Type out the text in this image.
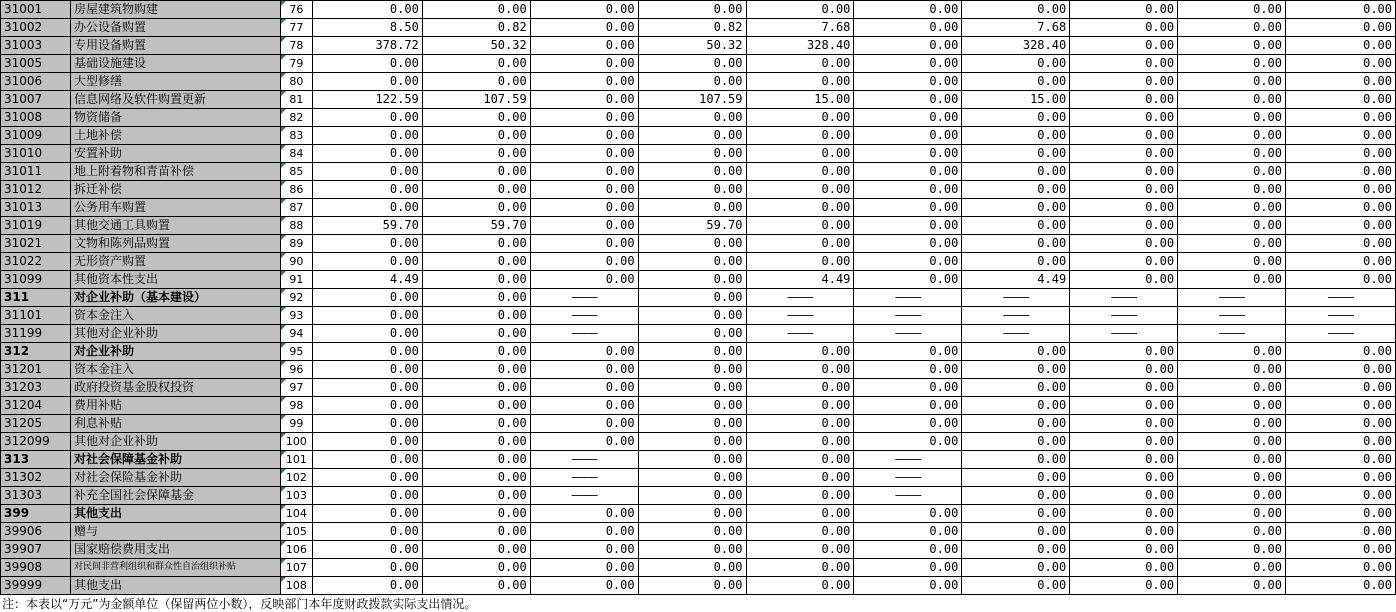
31001	房屋建筑物购建	76	0.00	0.00	0.00	0.00	0.00	0.00	0.00	0.00	0.00	0.00
31002	办公设备购置	77	8.50	0.82	0.00	0.82	7.68	0.00	7.68	0.00	0.00	0.00
31003	专用设备购置	78	378.72	50.32	0.00	50.32	328.40	0.00	328.40	0.00	0.00	0.00
31005	基础设施建设	79	0.00	0.00	0.00	0.00	0.00	0.00	0.00	0.00	0.00	0.00
31006	大型修缮	80	0.00	0.00	0.00	0.00	0.00	0.00	0.00	0.00	0.00	0.00
31007	信息网络及软件购置更新	81	122.59	107.59	0.00	107.59	15.00	0.00	15.00	0.00	0.00	0.00
31008	物资储备	82	0.00	0.00	0.00	0.00	0.00	0.00	0.00	0.00	0.00	0.00
31009	土地补偿	83	0.00	0.00	0.00	0.00	0.00	0.00	0.00	0.00	0.00	0.00
31010	安置补助	84	0.00	0.00	0.00	0.00	0.00	0.00	0.00	0.00	0.00	0.00
31011	地上附着物和青苗补偿	85	0.00	0.00	0.00	0.00	0.00	0.00	0.00	0.00	0.00	0.00
31012	拆迁补偿	86	0.00	0.00	0.00	0.00	0.00	0.00	0.00	0.00	0.00	0.00
31013	公务用车购置	87	0.00	0.00	0.00	0.00	0.00	0.00	0.00	0.00	0.00	0.00
31019	其他交通工具购置	88	59.70	59.70	0.00	59.70	0.00	0.00	0.00	0.00	0.00	0.00
31021	文物和陈列品购置	89	0.00	0.00	0.00	0.00	0.00	0.00	0.00	0.00	0.00	0.00
31022	无形资产购置	90	0.00	0.00	0.00	0.00	0.00	0.00	0.00	0.00	0.00	0.00
31099	其他资本性支出	91	4.49	0.00	0.00	0.00	4.49	0.00	4.49	0.00	0.00	0.00
311	对企业补助（基本建设）	92	0.00	0.00	————	0.00	————	————	————	————	————	————
31101	资本金注入	93	0.00	0.00	————	0.00	————	————	————	————	————	————
31199	其他对企业补助	94	0.00	0.00	————	0.00	————	————	————	————	————	————
312	对企业补助	95	0.00	0.00	0.00	0.00	0.00	0.00	0.00	0.00	0.00	0.00
31201	资本金注入	96	0.00	0.00	0.00	0.00	0.00	0.00	0.00	0.00	0.00	0.00
31203	政府投资基金股权投资	97	0.00	0.00	0.00	0.00	0.00	0.00	0.00	0.00	0.00	0.00
31204	费用补贴	98	0.00	0.00	0.00	0.00	0.00	0.00	0.00	0.00	0.00	0.00
31205	利息补贴	99	0.00	0.00	0.00	0.00	0.00	0.00	0.00	0.00	0.00	0.00
312099	其他对企业补助	100	0.00	0.00	0.00	0.00	0.00	0.00	0.00	0.00	0.00	0.00
313	对社会保障基金补助	101	0.00	0.00	————	0.00	0.00	————	0.00	0.00	0.00	0.00
31302	对社会保险基金补助	102	0.00	0.00	————	0.00	0.00	————	0.00	0.00	0.00	0.00
31303	补充全国社会保障基金	103	0.00	0.00	————	0.00	0.00	————	0.00	0.00	0.00	0.00
399	其他支出	104	0.00	0.00	0.00	0.00	0.00	0.00	0.00	0.00	0.00	0.00
39906	赠与	105	0.00	0.00	0.00	0.00	0.00	0.00	0.00	0.00	0.00	0.00
39907	国家赔偿费用支出	106	0.00	0.00	0.00	0.00	0.00	0.00	0.00	0.00	0.00	0.00
39908	对民间非营利组织和群众性自治组织补贴	107	0.00	0.00	0.00	0.00	0.00	0.00	0.00	0.00	0.00	0.00
39999	其他支出	108	0.00	0.00	0.00	0.00	0.00	0.00	0.00	0.00	0.00	0.00
注：本表以“万元”为金额单位（保留两位小数），反映部门本年度财政拨款实际支出情况。
